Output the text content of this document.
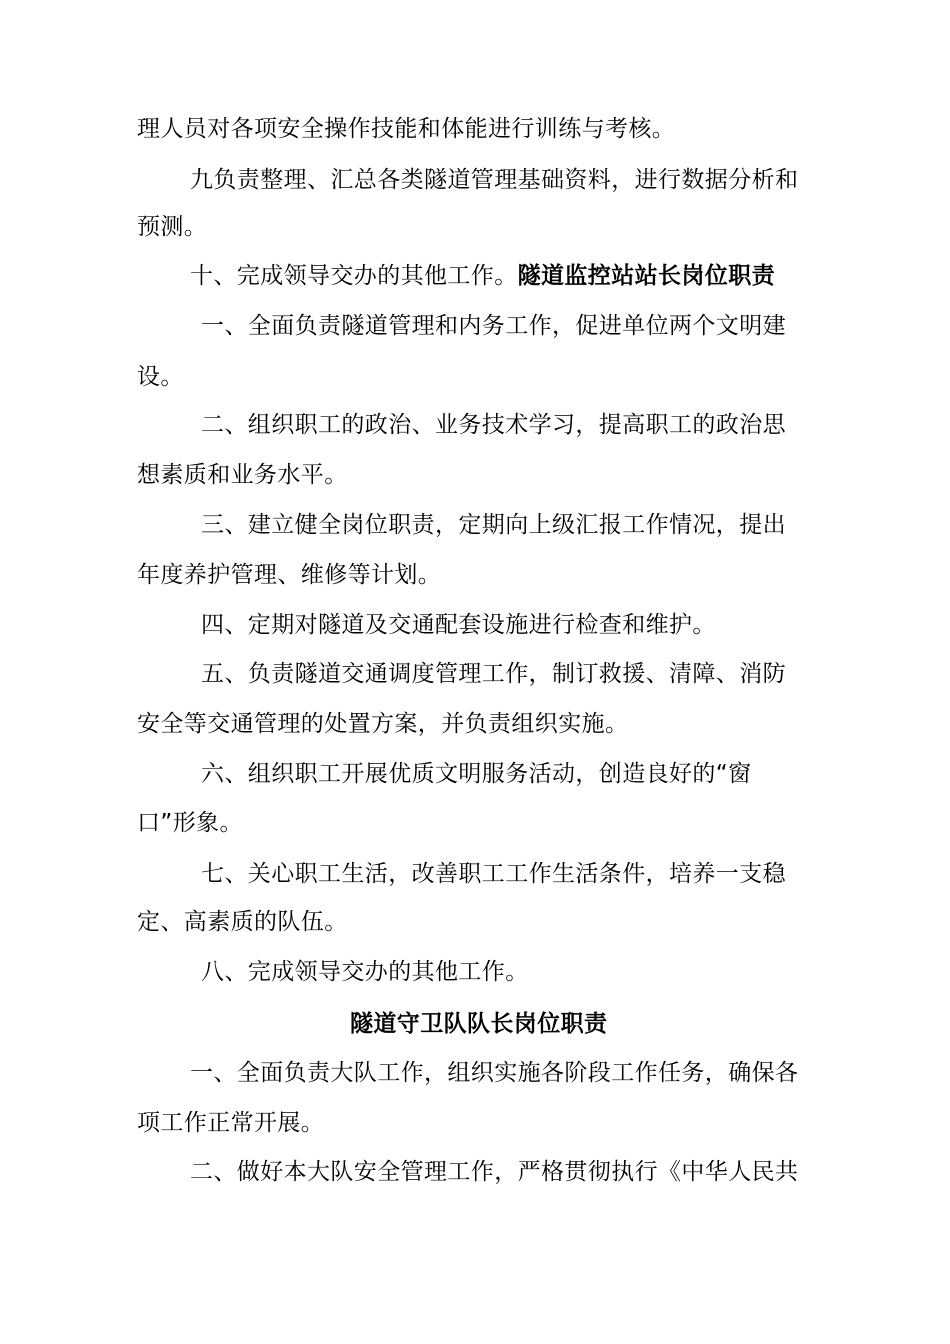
理人员对各项安全操作技能和体能进行训练与考核。
九负责整理、汇总各类隧道管理基础资料，进行数据分析和
预测。
十、完成领导交办的其他工作。隧道监控站站长岗位职责
一、全面负责隧道管理和内务工作，促进单位两个文明建
设。
二、组织职工的政治、业务技术学习，提高职工的政治思
想素质和业务水平。
三、建立健全岗位职责，定期向上级汇报工作情况，提出
年度养护管理、维修等计划。
四、定期对隧道及交通配套设施进行检查和维护。
五、负责隧道交通调度管理工作，制订救援、清障、消防
安全等交通管理的处置方案，并负责组织实施。
六、组织职工开展优质文明服务活动，创造良好的“窗
口”形象。
七、关心职工生活，改善职工工作生活条件，培养一支稳
定、高素质的队伍。
八、完成领导交办的其他工作。
隧道守卫队队长岗位职责
一、全面负责大队工作，组织实施各阶段工作任务，确保各
项工作正常开展。
二、做好本大队安全管理工作，严格贯彻执行《中华人民共
